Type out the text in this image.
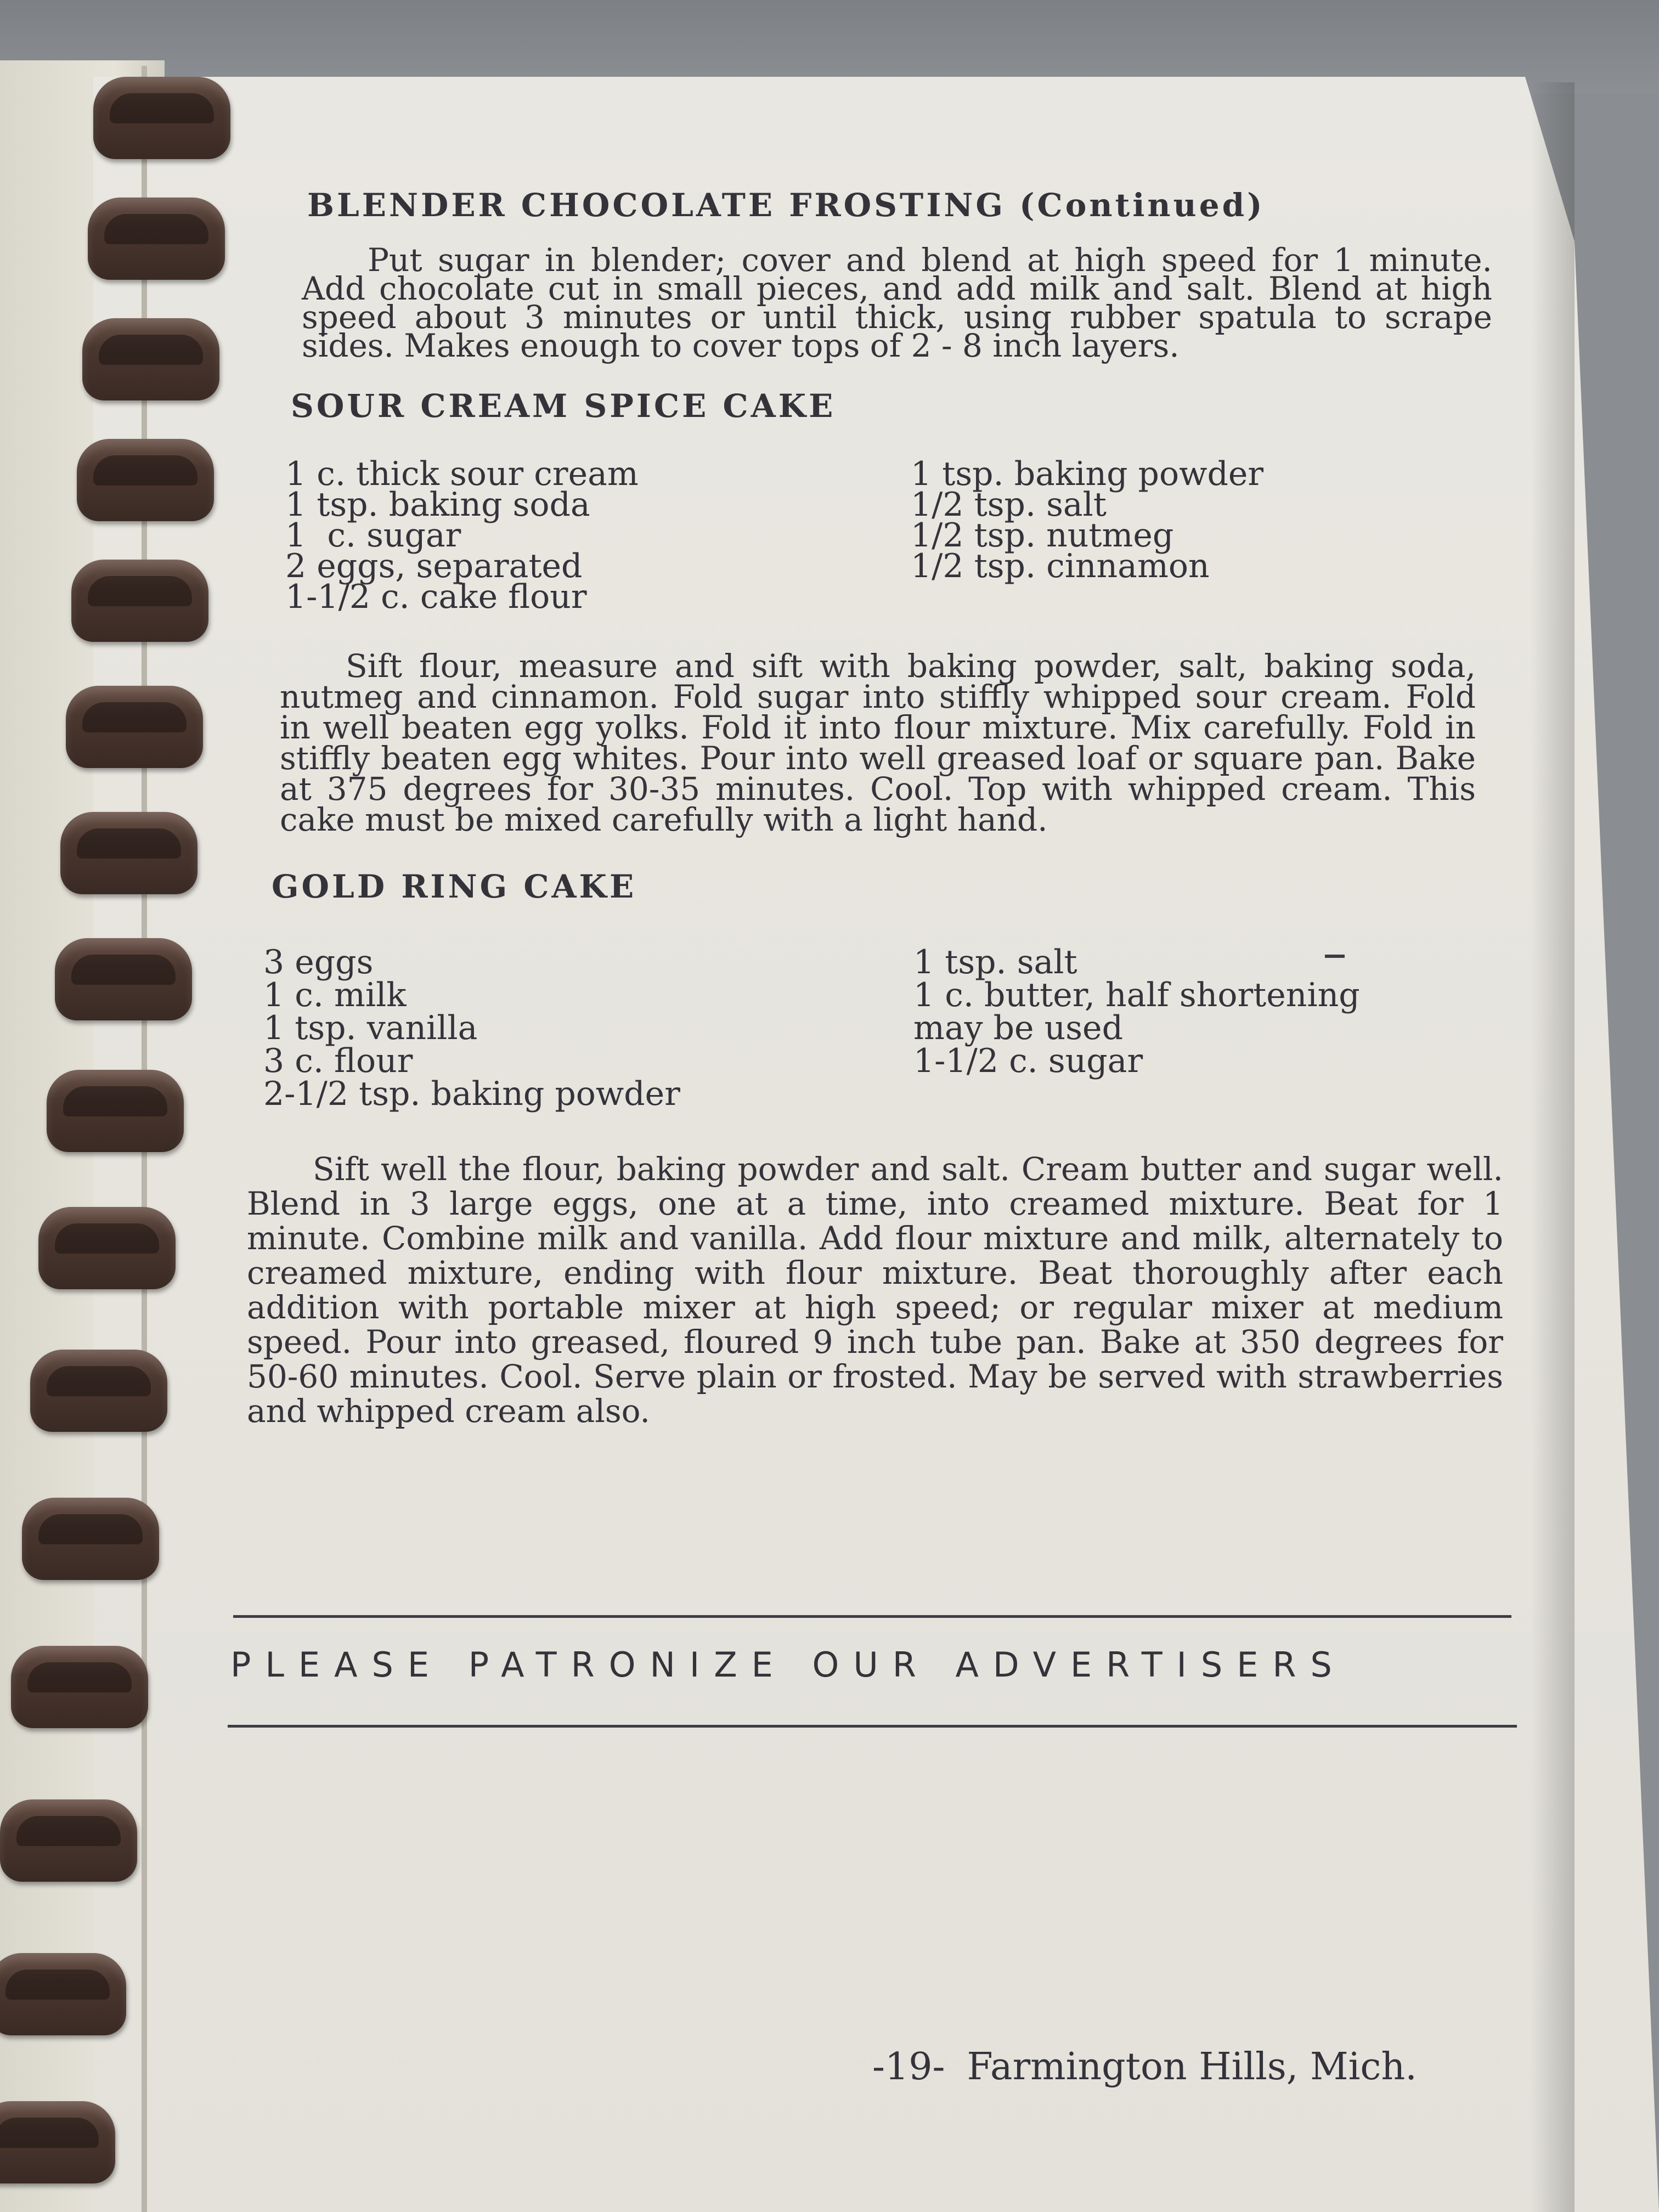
BLENDER CHOCOLATE FROSTING (Continued)

Put sugar in blender; cover and blend at high speed for 1 minute. Add chocolate cut in small pieces, and add milk and salt. Blend at high speed about 3 minutes or until thick, using rubber spatula to scrape sides. Makes enough to cover tops of 2 - 8 inch layers.

SOUR CREAM SPICE CAKE
1 c. thick sour cream
1 tsp. baking soda
1  c. sugar
2 eggs, separated
1-1/2 c. cake flour
1 tsp. baking powder
1/2 tsp. salt
1/2 tsp. nutmeg
1/2 tsp. cinnamon

Sift flour, measure and sift with baking powder, salt, baking soda, nutmeg and cinnamon. Fold sugar into stiffly whipped sour cream. Fold in well beaten egg yolks. Fold it into flour mixture. Mix carefully. Fold in stiffly beaten egg whites. Pour into well greased loaf or square pan. Bake at 375 degrees for 30-35 minutes. Cool. Top with whipped cream. This cake must be mixed carefully with a light hand.

GOLD RING CAKE
3 eggs
1 c. milk
1 tsp. vanilla
3 c. flour
2-1/2 tsp. baking powder
1 tsp. salt
1 c. butter, half shortening
may be used
1-1/2 c. sugar

Sift well the flour, baking powder and salt. Cream butter and sugar well. Blend in 3 large eggs, one at a time, into creamed mixture. Beat for 1 minute. Combine milk and vanilla. Add flour mixture and milk, alternately to creamed mixture, ending with flour mixture. Beat thoroughly after each addition with portable mixer at high speed; or regular mixer at medium speed. Pour into greased, floured 9 inch tube pan. Bake at 350 degrees for 50-60 minutes. Cool. Serve plain or frosted. May be served with strawberries and whipped cream also.

PLEASE PATRONIZE OUR ADVERTISERS
-19- Farmington Hills, Mich.
